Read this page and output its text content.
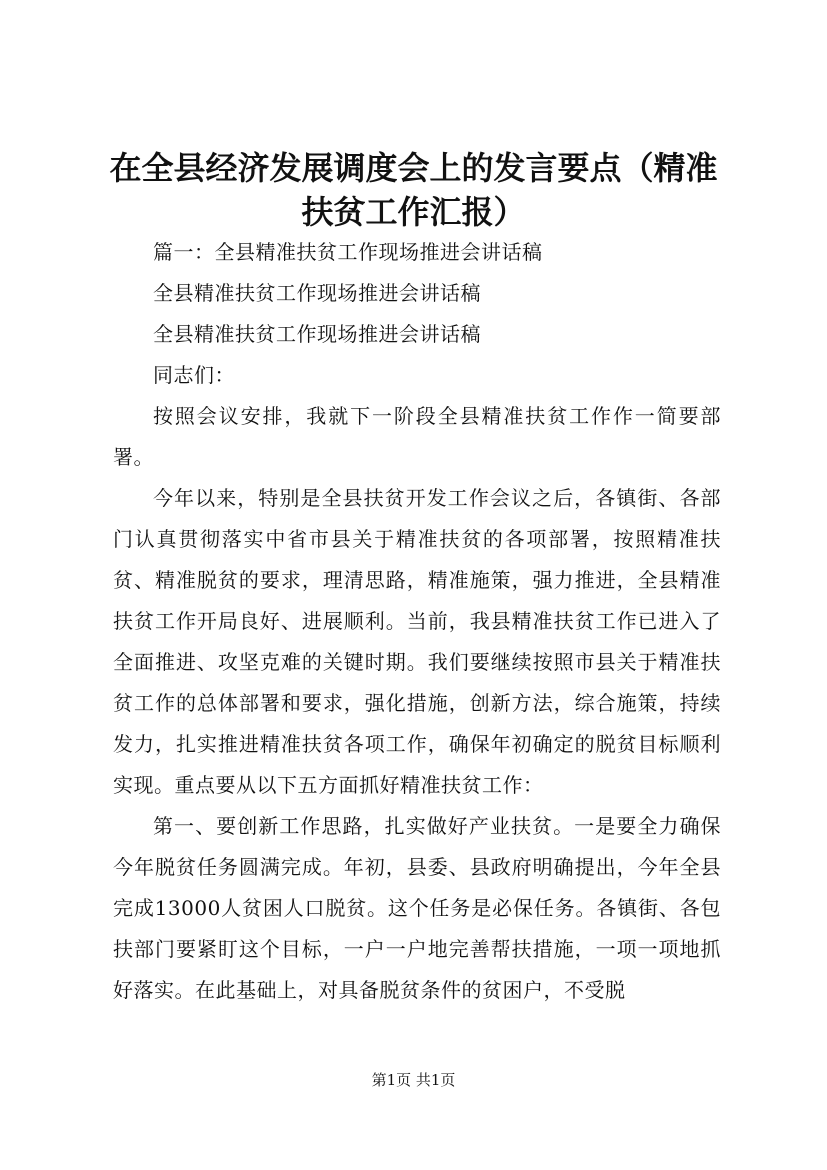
在全县经济发展调度会上的发言要点（精准扶贫工作汇报）

篇一：全县精准扶贫工作现场推进会讲话稿

全县精准扶贫工作现场推进会讲话稿

全县精准扶贫工作现场推进会讲话稿

同志们：

按照会议安排，我就下一阶段全县精准扶贫工作作一简要部署。

今年以来，特别是全县扶贫开发工作会议之后，各镇街、各部门认真贯彻落实中省市县关于精准扶贫的各项部署，按照精准扶贫、精准脱贫的要求，理清思路，精准施策，强力推进，全县精准扶贫工作开局良好、进展顺利。当前，我县精准扶贫工作已进入了全面推进、攻坚克难的关键时期。我们要继续按照市县关于精准扶贫工作的总体部署和要求，强化措施，创新方法，综合施策，持续发力，扎实推进精准扶贫各项工作，确保年初确定的脱贫目标顺利实现。重点要从以下五方面抓好精准扶贫工作：

第一、要创新工作思路，扎实做好产业扶贫。一是要全力确保今年脱贫任务圆满完成。年初，县委、县政府明确提出，今年全县完成13000人贫困人口脱贫。这个任务是必保任务。各镇街、各包扶部门要紧盯这个目标，一户一户地完善帮扶措施，一项一项地抓好落实。在此基础上，对具备脱贫条件的贫困户，不受脱

第1页 共1页
